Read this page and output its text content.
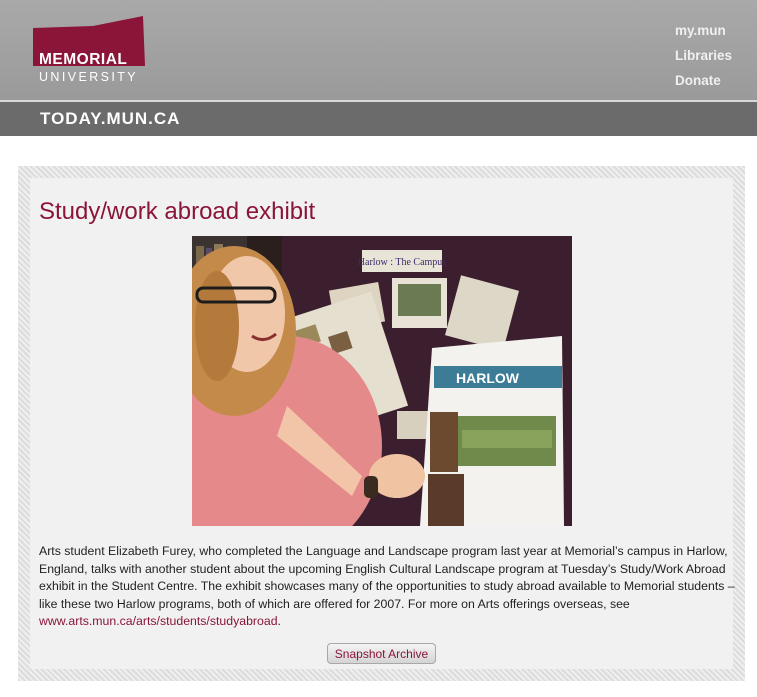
MEMORIAL
UNIVERSITY
my.mun
Libraries
Donate
TODAY.MUN.CA
Study/work abroad exhibit
Harlow : The Campus
HARLOW
Arts student Elizabeth Furey, who completed the Language and Landscape program last year at Memorial’s campus in Harlow, England, talks with another student about the upcoming English Cultural Landscape program at Tuesday’s Study/Work Abroad exhibit in the Student Centre. The exhibit showcases many of the opportunities to study abroad available to Memorial students – like these two Harlow programs, both of which are offered for 2007. For more on Arts offerings overseas, see www.arts.mun.ca/arts/students/studyabroad.
Snapshot Archive
